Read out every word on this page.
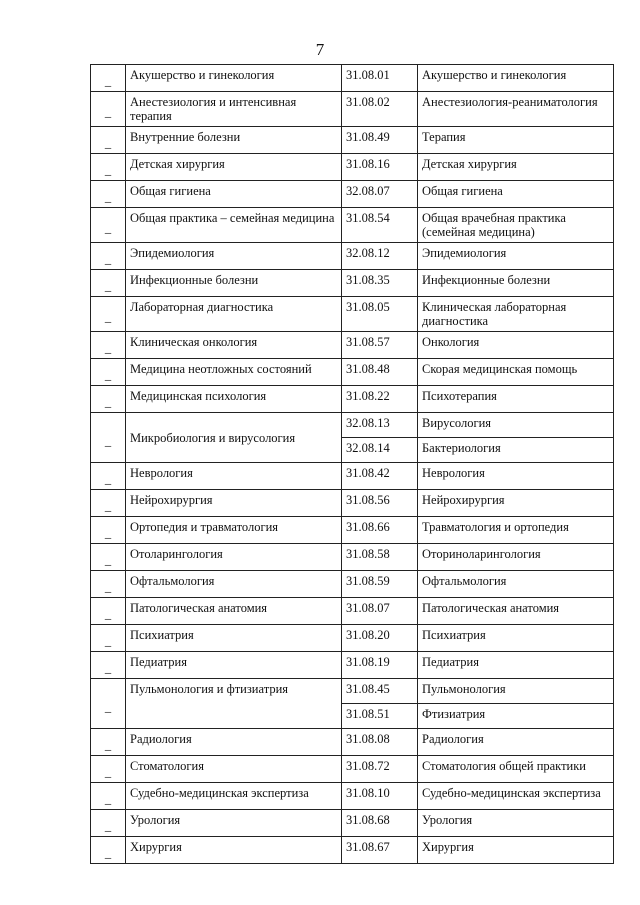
7
_	Акушерство и гинекология	31.08.01	Акушерство и гинекология
_	Анестезиология и интенсивная терапия	31.08.02	Анестезиология-реаниматология
_	Внутренние болезни	31.08.49	Терапия
_	Детская хирургия	31.08.16	Детская хирургия
_	Общая гигиена	32.08.07	Общая гигиена
_	Общая практика – семейная медицина	31.08.54	Общая врачебная практика (семейная медицина)
_	Эпидемиология	32.08.12	Эпидемиология
_	Инфекционные болезни	31.08.35	Инфекционные болезни
_	Лабораторная диагностика	31.08.05	Клиническая лабораторная диагностика
_	Клиническая онкология	31.08.57	Онкология
_	Медицина неотложных состояний	31.08.48	Скорая медицинская помощь
_	Медицинская психология	31.08.22	Психотерапия
_	Микробиология и вирусология	32.08.13	Вирусология
		32.08.14	Бактериология
_	Неврология	31.08.42	Неврология
_	Нейрохирургия	31.08.56	Нейрохирургия
_	Ортопедия и травматология	31.08.66	Травматология и ортопедия
_	Отоларингология	31.08.58	Оториноларингология
_	Офтальмология	31.08.59	Офтальмология
_	Патологическая анатомия	31.08.07	Патологическая анатомия
_	Психиатрия	31.08.20	Психиатрия
_	Педиатрия	31.08.19	Педиатрия
_	Пульмонология и фтизиатрия	31.08.45	Пульмонология
		31.08.51	Фтизиатрия
_	Радиология	31.08.08	Радиология
_	Стоматология	31.08.72	Стоматология общей практики
_	Судебно-медицинская экспертиза	31.08.10	Судебно-медицинская экспертиза
_	Урология	31.08.68	Урология
_	Хирургия	31.08.67	Хирургия
